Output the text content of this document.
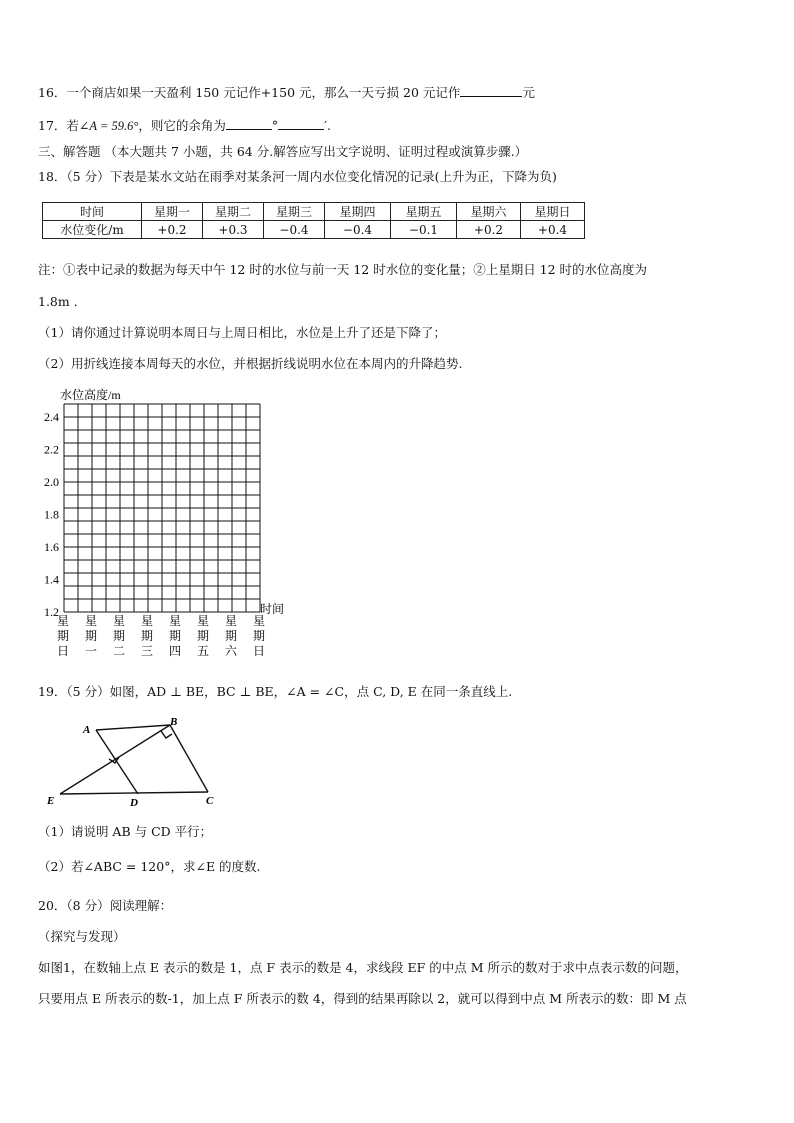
16．一个商店如果一天盈利 150 元记作+150 元，那么一天亏损 20 元记作	元
17．若∠A = 59.6°，则它的余角为	°	′.
三、解答题 （本大题共 7 小题，共 64 分.解答应写出文字说明、证明过程或演算步骤.）
18．（5 分）下表是某水文站在雨季对某条河一周内水位变化情况的记录(上升为正，下降为负)
时间	星期一	星期二	星期三	星期四	星期五	星期六	星期日
水位变化/m	+0.2	+0.3	−0.4	−0.4	−0.1	+0.2	+0.4
注：①表中记录的数据为每天中午 12 时的水位与前一天 12 时水位的变化量；②上星期日 12 时的水位高度为
1.8m ．
（1）请你通过计算说明本周日与上周日相比，水位是上升了还是下降了；
（2）用折线连接本周每天的水位，并根据折线说明水位在本周内的升降趋势.
水位高度/m
2.4
2.2
2.0
1.8
1.6
1.4
1.2	时间
星
期
日
星
期
一
星
期
二
星
期
三
星
期
四
星
期
五
星
期
六
星
期
日
19．（5 分）如图，AD ⊥ BE，BC ⊥ BE，∠A = ∠C，点 C, D, E 在同一条直线上.
A
B
E	D	C
（1）请说明 AB 与 CD 平行；
（2）若∠ABC = 120°，求∠E 的度数.
20．（8 分）阅读理解：
（探究与发现）
如图1，在数轴上点 E 表示的数是 1，点 F 表示的数是 4，求线段 EF 的中点 M 所示的数对于求中点表示数的问题，
只要用点 E 所表示的数-1，加上点 F 所表示的数 4，得到的结果再除以 2，就可以得到中点 M 所表示的数：即 M 点
